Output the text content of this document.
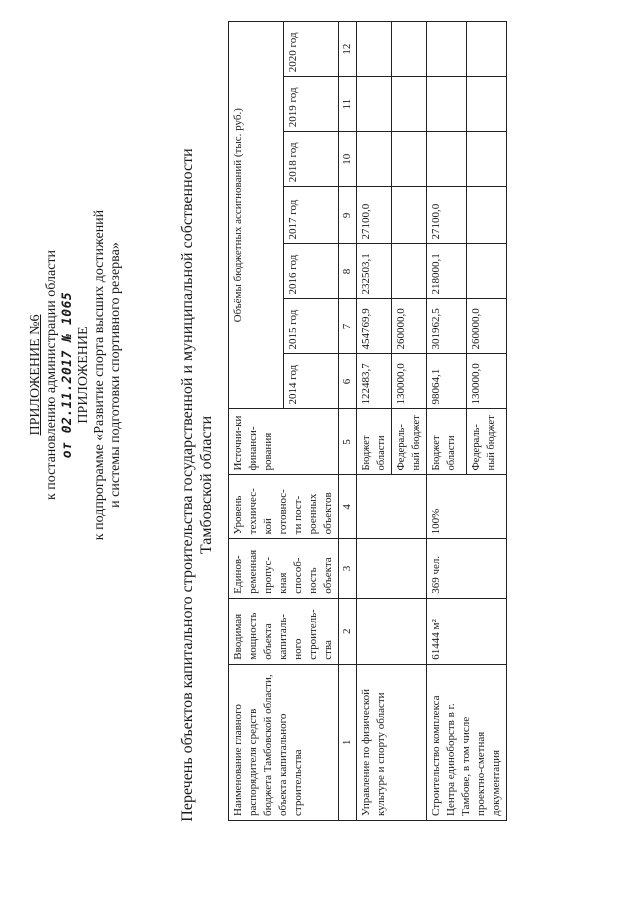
ПРИЛОЖЕНИЕ №6 к постановлению администрации области от 02.11.2017 № 1065 ПРИЛОЖЕНИЕ к подпрограмме «Развитие спорта высших достижений и системы подготовки спортивного резерва»	Перечень объектов капитального строительства государственной и муниципальной собственности Тамбовской области
Наименование главного распорядителя средств бюджета Тамбовской области, объекта капитального строительства	Вводимая мощность объекта капиталь-ного строитель-ства	Единов-ременная пропус-кная способ-ность объекта	Уровень техничес-кой готовнос-ти пост-роенных объектов	Источни-ки финанси-рования	Объёмы бюджетных ассигнований (тыс. руб.)						
					2014 год	2015 год	2016 год	2017 год	2018 год	2019 год	2020 год
1	2	3	4	5	6	7	8	9	10	11	12
Управление по физической культуре и спорту области				Бюджет области	122483,7	454769,9	232503,1	27100,0			
				Федераль-ный бюджет	130000,0	260000,0					
Строительство комплекса Центра единоборств в г. Тамбове, в том числе проектно-сметная документация	61444 м²	369 чел.	100%	Бюджет области	98064,1	301962,5	218000,1	27100,0			
				Федераль-ный бюджет	130000,0	260000,0					
